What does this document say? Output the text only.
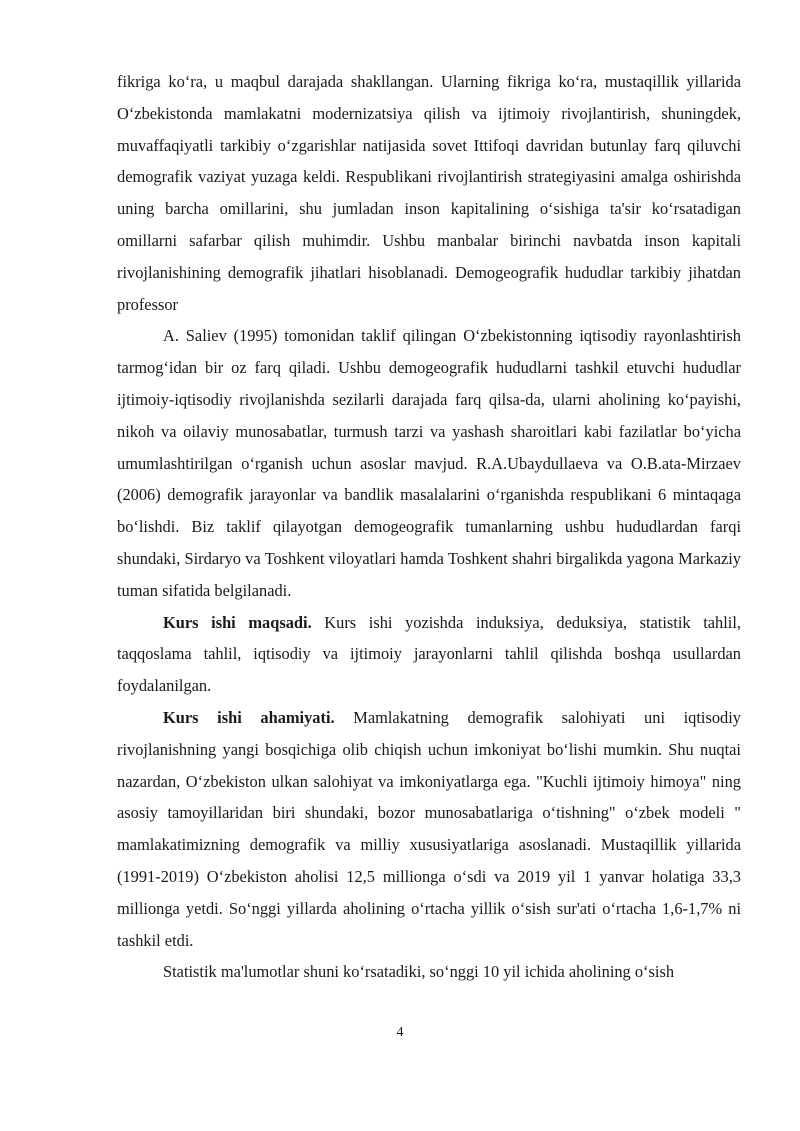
fikriga ko‘ra, u maqbul darajada shakllangan. Ularning fikriga ko‘ra, mustaqillik yillarida O‘zbekistonda mamlakatni modernizatsiya qilish va ijtimoiy rivojlantirish, shuningdek, muvaffaqiyatli tarkibiy o‘zgarishlar natijasida sovet Ittifoqi davridan butunlay farq qiluvchi demografik vaziyat yuzaga keldi. Respublikani rivojlantirish strategiyasini amalga oshirishda uning barcha omillarini, shu jumladan inson kapitalining o‘sishiga ta'sir ko‘rsatadigan omillarni safarbar qilish muhimdir. Ushbu manbalar birinchi navbatda inson kapitali rivojlanishining demografik jihatlari hisoblanadi. Demogeografik hududlar tarkibiy jihatdan professor

A. Saliev (1995) tomonidan taklif qilingan O‘zbekistonning iqtisodiy rayonlashtirish tarmog‘idan bir oz farq qiladi. Ushbu demogeografik hududlarni tashkil etuvchi hududlar ijtimoiy-iqtisodiy rivojlanishda sezilarli darajada farq qilsa-da, ularni aholining ko‘payishi, nikoh va oilaviy munosabatlar, turmush tarzi va yashash sharoitlari kabi fazilatlar bo‘yicha umumlashtirilgan o‘rganish uchun asoslar mavjud. R.A.Ubaydullaeva va O.B.ata-Mirzaev (2006) demografik jarayonlar va bandlik masalalarini o‘rganishda respublikani 6 mintaqaga bo‘lishdi. Biz taklif qilayotgan demogeografik tumanlarning ushbu hududlardan farqi shundaki, Sirdaryo va Toshkent viloyatlari hamda Toshkent shahri birgalikda yagona Markaziy tuman sifatida belgilanadi.

Kurs ishi maqsadi. Kurs ishi yozishda induksiya, deduksiya, statistik tahlil, taqqoslama tahlil, iqtisodiy va ijtimoiy jarayonlarni tahlil qilishda boshqa usullardan foydalanilgan.

Kurs ishi ahamiyati. Mamlakatning demografik salohiyati uni iqtisodiy rivojlanishning yangi bosqichiga olib chiqish uchun imkoniyat bo‘lishi mumkin. Shu nuqtai nazardan, O‘zbekiston ulkan salohiyat va imkoniyatlarga ega. "Kuchli ijtimoiy himoya" ning asosiy tamoyillaridan biri shundaki, bozor munosabatlariga o‘tishning" o‘zbek modeli " mamlakatimizning demografik va milliy xususiyatlariga asoslanadi. Mustaqillik yillarida (1991-2019) O‘zbekiston aholisi 12,5 millionga o‘sdi va 2019 yil 1 yanvar holatiga 33,3 millionga yetdi. So‘nggi yillarda aholining o‘rtacha yillik o‘sish sur'ati o‘rtacha 1,6-1,7% ni tashkil etdi.

Statistik ma'lumotlar shuni ko‘rsatadiki, so‘nggi 10 yil ichida aholining o‘sish

4
